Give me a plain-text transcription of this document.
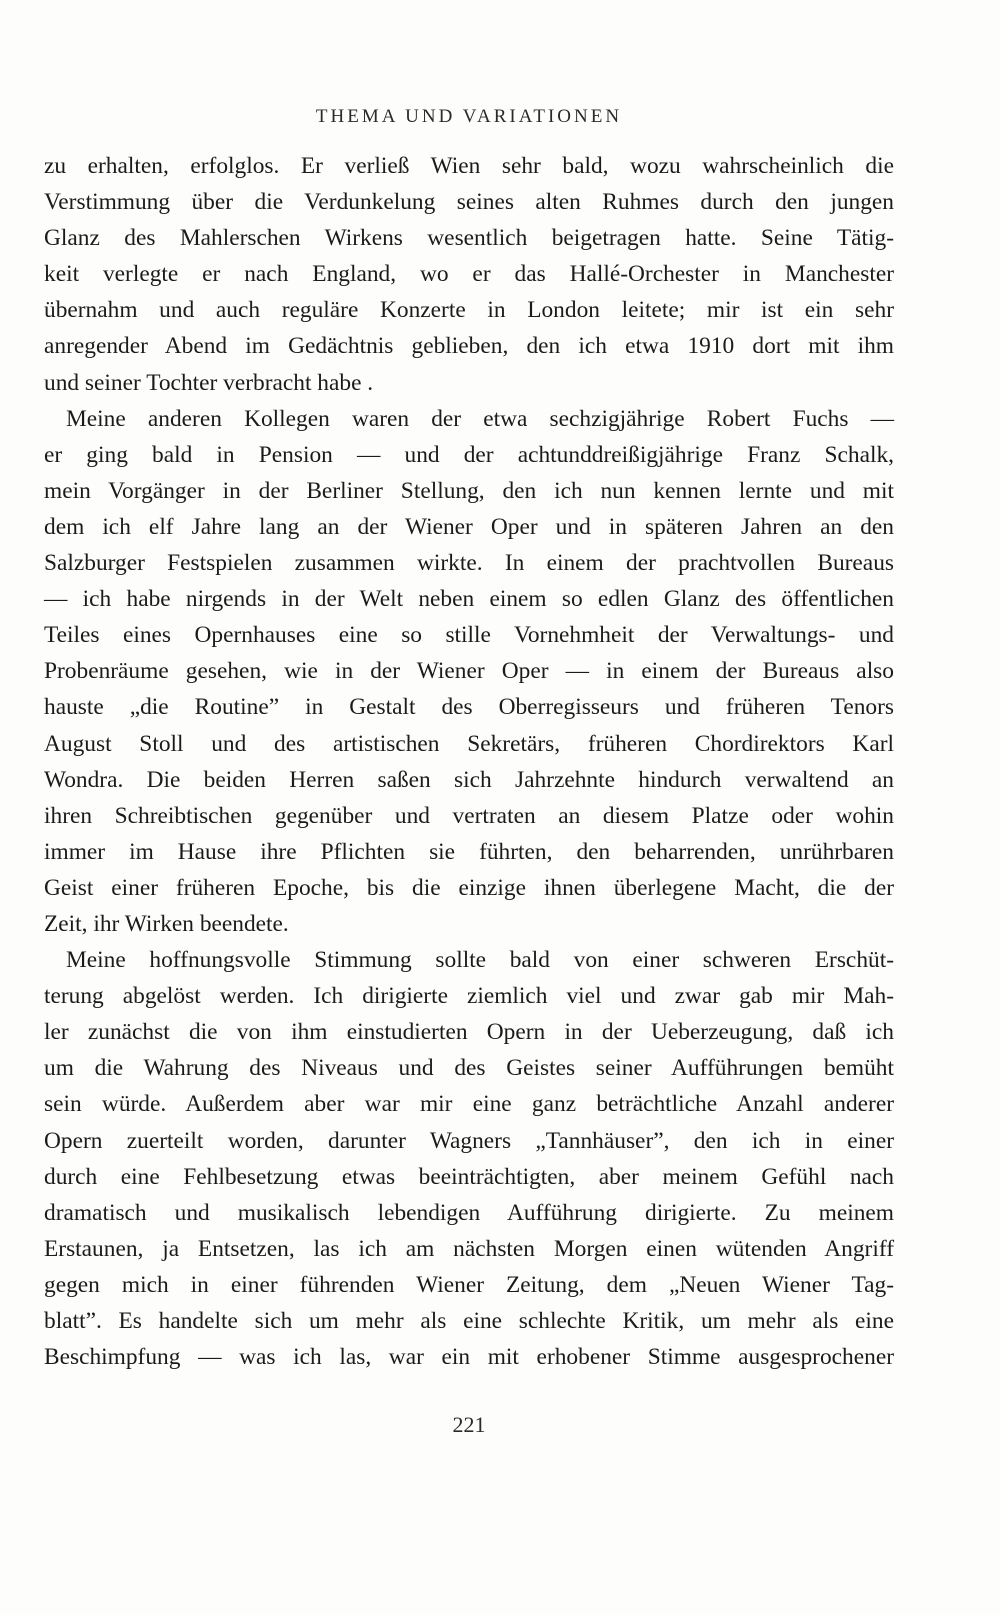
THEMA UND VARIATIONEN
zu erhalten, erfolglos. Er verließ Wien sehr bald, wozu wahrscheinlich die
Verstimmung über die Verdunkelung seines alten Ruhmes durch den jungen
Glanz des Mahlerschen Wirkens wesentlich beigetragen hatte. Seine Tätig-
keit verlegte er nach England, wo er das Hallé-Orchester in Manchester
übernahm und auch reguläre Konzerte in London leitete; mir ist ein sehr
anregender Abend im Gedächtnis geblieben, den ich etwa 1910 dort mit ihm
und seiner Tochter verbracht habe .
Meine anderen Kollegen waren der etwa sechzigjährige Robert Fuchs —
er ging bald in Pension — und der achtunddreißigjährige Franz Schalk,
mein Vorgänger in der Berliner Stellung, den ich nun kennen lernte und mit
dem ich elf Jahre lang an der Wiener Oper und in späteren Jahren an den
Salzburger Festspielen zusammen wirkte. In einem der prachtvollen Bureaus
— ich habe nirgends in der Welt neben einem so edlen Glanz des öffentlichen
Teiles eines Opernhauses eine so stille Vornehmheit der Verwaltungs- und
Probenräume gesehen, wie in der Wiener Oper — in einem der Bureaus also
hauste „die Routine” in Gestalt des Oberregisseurs und früheren Tenors
August Stoll und des artistischen Sekretärs, früheren Chordirektors Karl
Wondra. Die beiden Herren saßen sich Jahrzehnte hindurch verwaltend an
ihren Schreibtischen gegenüber und vertraten an diesem Platze oder wohin
immer im Hause ihre Pflichten sie führten, den beharrenden, unrührbaren
Geist einer früheren Epoche, bis die einzige ihnen überlegene Macht, die der
Zeit, ihr Wirken beendete.
Meine hoffnungsvolle Stimmung sollte bald von einer schweren Erschüt-
terung abgelöst werden. Ich dirigierte ziemlich viel und zwar gab mir Mah-
ler zunächst die von ihm einstudierten Opern in der Ueberzeugung, daß ich
um die Wahrung des Niveaus und des Geistes seiner Aufführungen bemüht
sein würde. Außerdem aber war mir eine ganz beträchtliche Anzahl anderer
Opern zuerteilt worden, darunter Wagners „Tannhäuser”, den ich in einer
durch eine Fehlbesetzung etwas beeinträchtigten, aber meinem Gefühl nach
dramatisch und musikalisch lebendigen Aufführung dirigierte. Zu meinem
Erstaunen, ja Entsetzen, las ich am nächsten Morgen einen wütenden Angriff
gegen mich in einer führenden Wiener Zeitung, dem „Neuen Wiener Tag-
blatt”. Es handelte sich um mehr als eine schlechte Kritik, um mehr als eine
Beschimpfung — was ich las, war ein mit erhobener Stimme ausgesprochener
221
